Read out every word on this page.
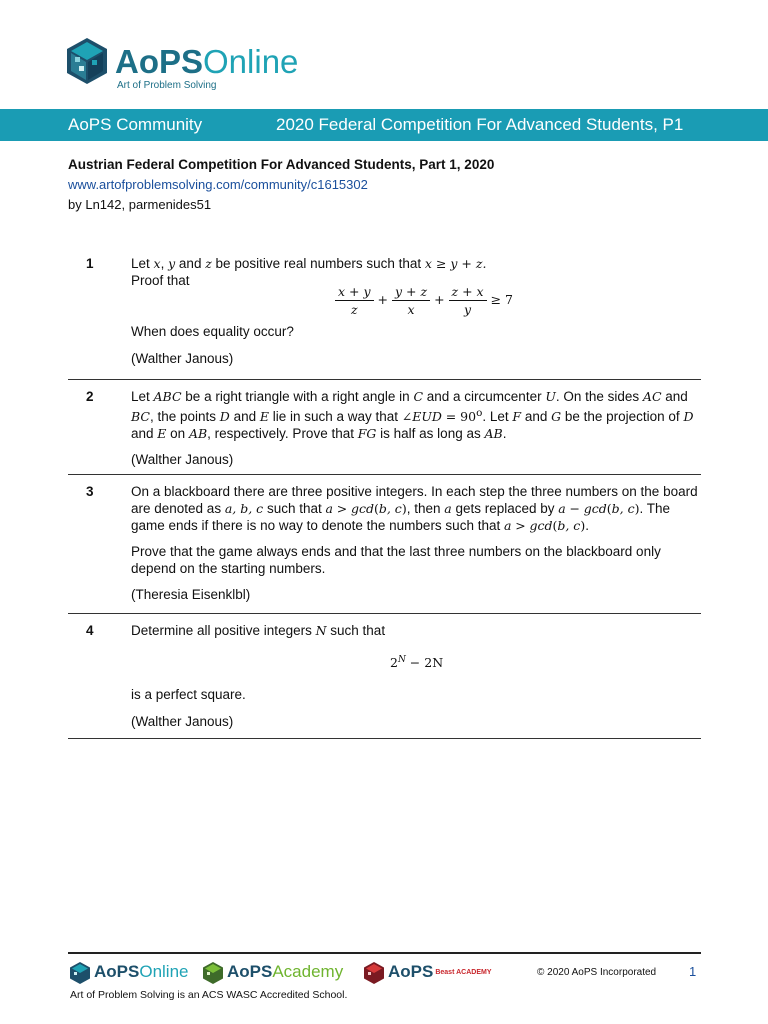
AoPSOnline
Art of Problem Solving
AoPS Community	2020 Federal Competition For Advanced Students, P1
Austrian Federal Competition For Advanced Students, Part 1, 2020
www.artofproblemsolving.com/community/c1615302
by Ln142, parmenides51
1	Let x, y and z be positive real numbers such that x ≥ y + z.
Proof that
$\frac{x + y}{z} + \frac{y + z}{x} + \frac{z + x}{y} \ge 7$
When does equality occur?
(Walther Janous)
2	Let ABC be a right triangle with a right angle in C and a circumcenter U. On the sides AC and BC, the points D and E lie in such a way that ∠EUD = $90^o$. Let F and G be the projection of D and E on AB, respectively. Prove that FG is half as long as AB.
(Walther Janous)
3	On a blackboard there are three positive integers. In each step the three numbers on the board are denoted as a, b, c such that a > gcd(b, c), then a gets replaced by a − gcd(b, c). The game ends if there is no way to denote the numbers such that a > gcd(b, c).
Prove that the game always ends and that the last three numbers on the blackboard only depend on the starting numbers.
(Theresia Eisenklbl)
4	Determine all positive integers N such that
$2^N - 2N$
is a perfect square.
(Walther Janous)
AoPSOnline AoPSAcademy	AoPS Beast ACADEMY	© 2020 AoPS Incorporated	1
Art of Problem Solving is an ACS WASC Accredited School.
